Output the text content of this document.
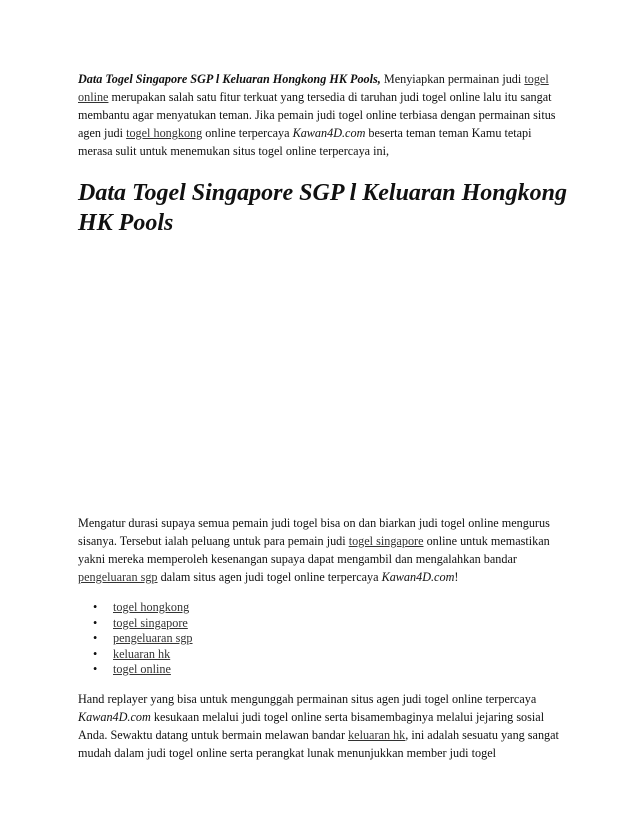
Data Togel Singapore SGP l Keluaran Hongkong HK Pools, Menyiapkan permainan judi togel online merupakan salah satu fitur terkuat yang tersedia di taruhan judi togel online lalu itu sangat membantu agar menyatukan teman. Jika pemain judi togel online terbiasa dengan permainan situs agen judi togel hongkong online terpercaya Kawan4D.com beserta teman teman Kamu tetapi merasa sulit untuk menemukan situs togel online terpercaya ini,

Data Togel Singapore SGP l Keluaran Hongkong HK Pools

Mengatur durasi supaya semua pemain judi togel bisa on dan biarkan judi togel online mengurus sisanya. Tersebut ialah peluang untuk para pemain judi togel singapore online untuk memastikan yakni mereka memperoleh kesenangan supaya dapat mengambil dan mengalahkan bandar pengeluaran sgp dalam situs agen judi togel online terpercaya Kawan4D.com!

• togel hongkong
• togel singapore
• pengeluaran sgp
• keluaran hk
• togel online

Hand replayer yang bisa untuk mengunggah permainan situs agen judi togel online terpercaya Kawan4D.com kesukaan melalui judi togel online serta bisamembaginya melalui jejaring sosial Anda. Sewaktu datang untuk bermain melawan bandar keluaran hk, ini adalah sesuatu yang sangat mudah dalam judi togel online serta perangkat lunak menunjukkan member judi togel
